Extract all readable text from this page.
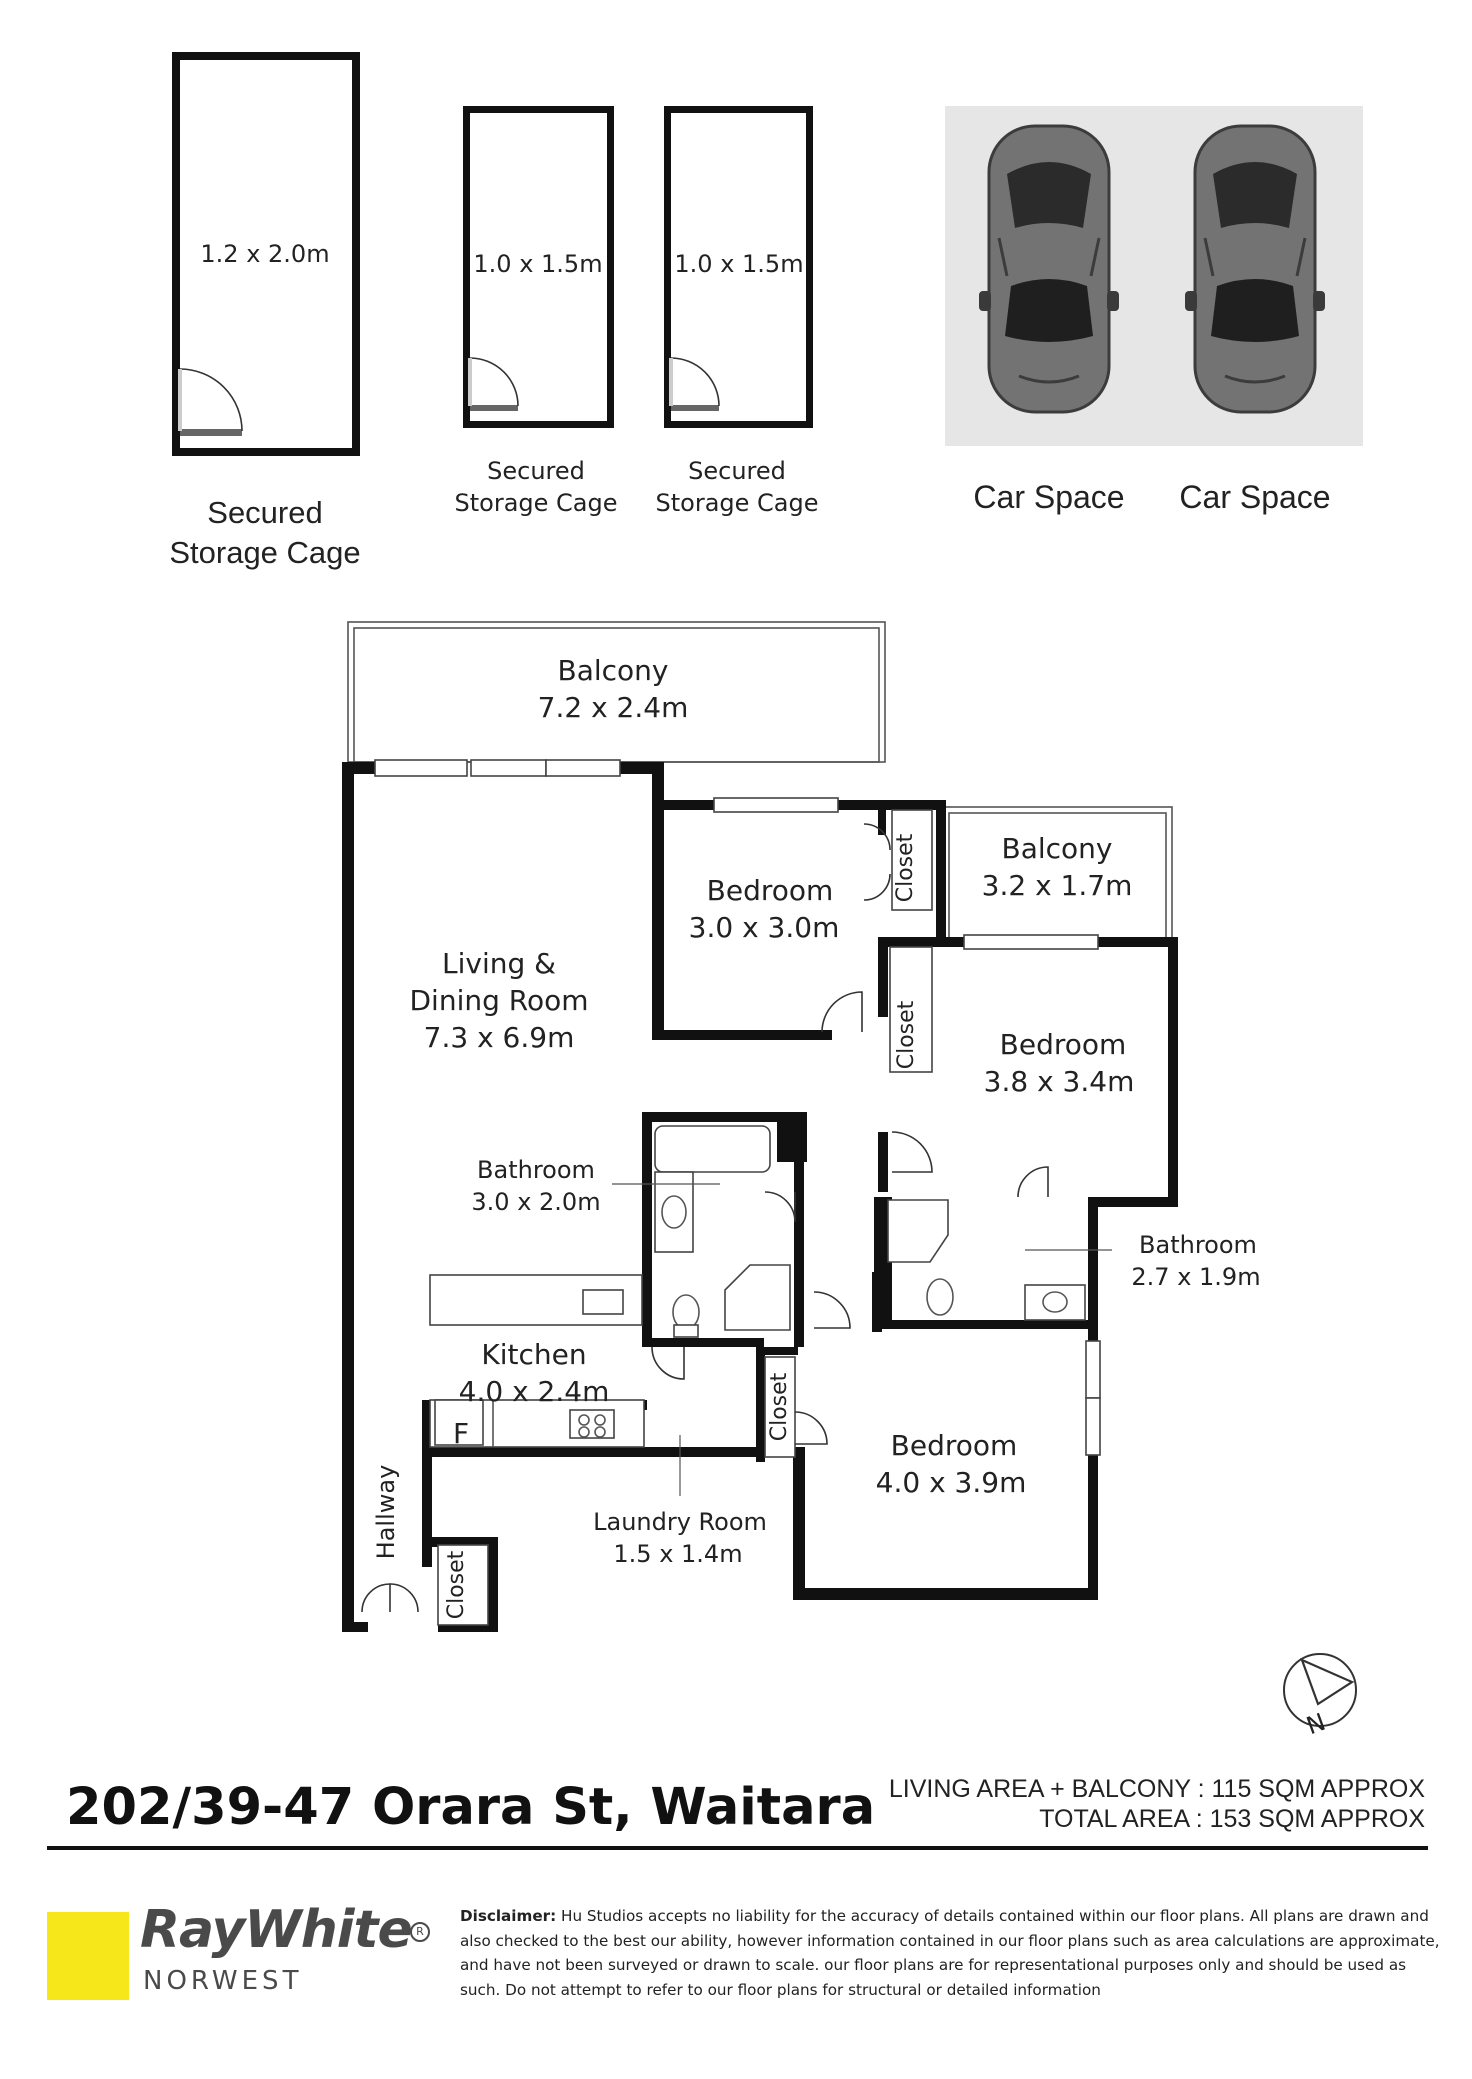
1.2 x 2.0m
Secured
Storage Cage
1.0 x 1.5m
Secured
Storage Cage
1.0 x 1.5m
Secured
Storage Cage	Car Space Car Space
Balcony
7.2 x 2.4m
Balcony
3.2 x 1.7m
Living &
Dining Room
7.3 x 6.9m
Bedroom
3.0 x 3.0m
Bedroom
3.8 x 3.4m
Bedroom
4.0 x 3.9m
Bathroom
3.0 x 2.0m
Bathroom
2.7 x 1.9m
Kitchen
4.0 x 2.4m
F
Laundry Room
1.5 x 1.4m
Hallway
Closet
Closet
Closet
Closet
N
202/39-47 Orara St, Waitara LIVING AREA + BALCONY : 115 SQM APPROX
TOTAL AREA : 153 SQM APPROX
RayWhite R
NORWEST
Disclaimer: Hu Studios accepts no liability for the accuracy of details contained within our floor plans. All plans are drawn and also checked to the best our ability, however information contained in our floor plans such as area calculations are approximate, and have not been surveyed or drawn to scale. our floor plans are for representational purposes only and should be used as such. Do not attempt to refer to our floor plans for structural or detailed information
